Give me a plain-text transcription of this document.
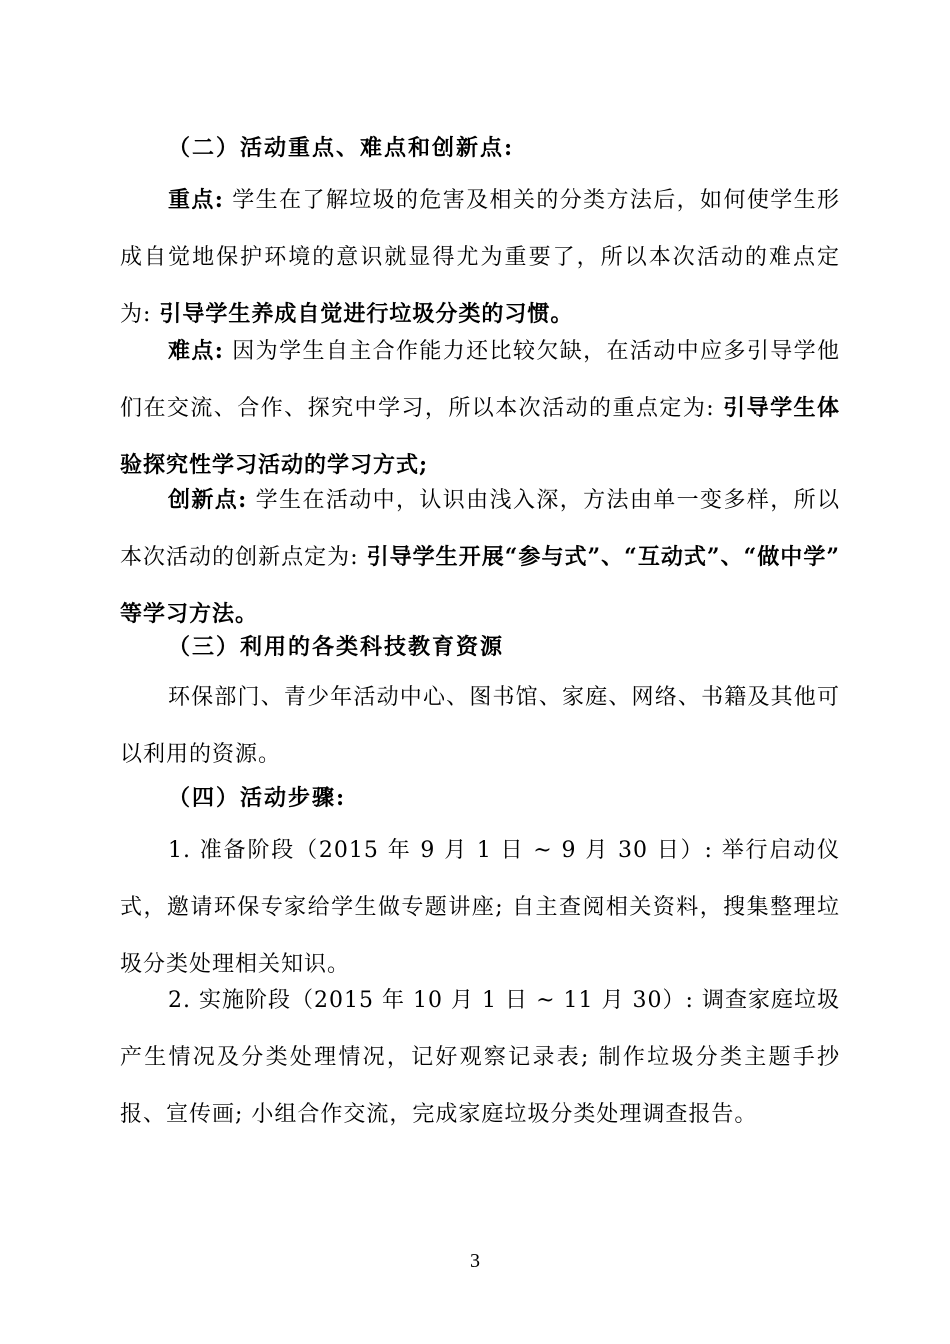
（二）活动重点、难点和创新点:
重点: 学生在了解垃圾的危害及相关的分类方法后，如何使学生形成自觉地保护环境的意识就显得尤为重要了，所以本次活动的难点定为: 引导学生养成自觉进行垃圾分类的习惯。
难点: 因为学生自主合作能力还比较欠缺，在活动中应多引导学他们在交流、合作、探究中学习，所以本次活动的重点定为: 引导学生体验探究性学习活动的学习方式;
创新点: 学生在活动中，认识由浅入深，方法由单一变多样，所以本次活动的创新点定为: 引导学生开展“参与式”、“互动式”、“做中学” 等学习方法。
（三）利用的各类科技教育资源
环保部门、青少年活动中心、图书馆、家庭、网络、书籍及其他可以利用的资源。
（四）活动步骤:
1. 准备阶段（2015 年 9 月 1 日 ~ 9 月 30 日）: 举行启动仪式，邀请环保专家给学生做专题讲座; 自主查阅相关资料，搜集整理垃圾分类处理相关知识。
2. 实施阶段（2015 年 10 月 1 日 ~ 11 月 30）: 调查家庭垃圾产生情况及分类处理情况，记好观察记录表; 制作垃圾分类主题手抄报、宣传画; 小组合作交流，完成家庭垃圾分类处理调查报告。
3
